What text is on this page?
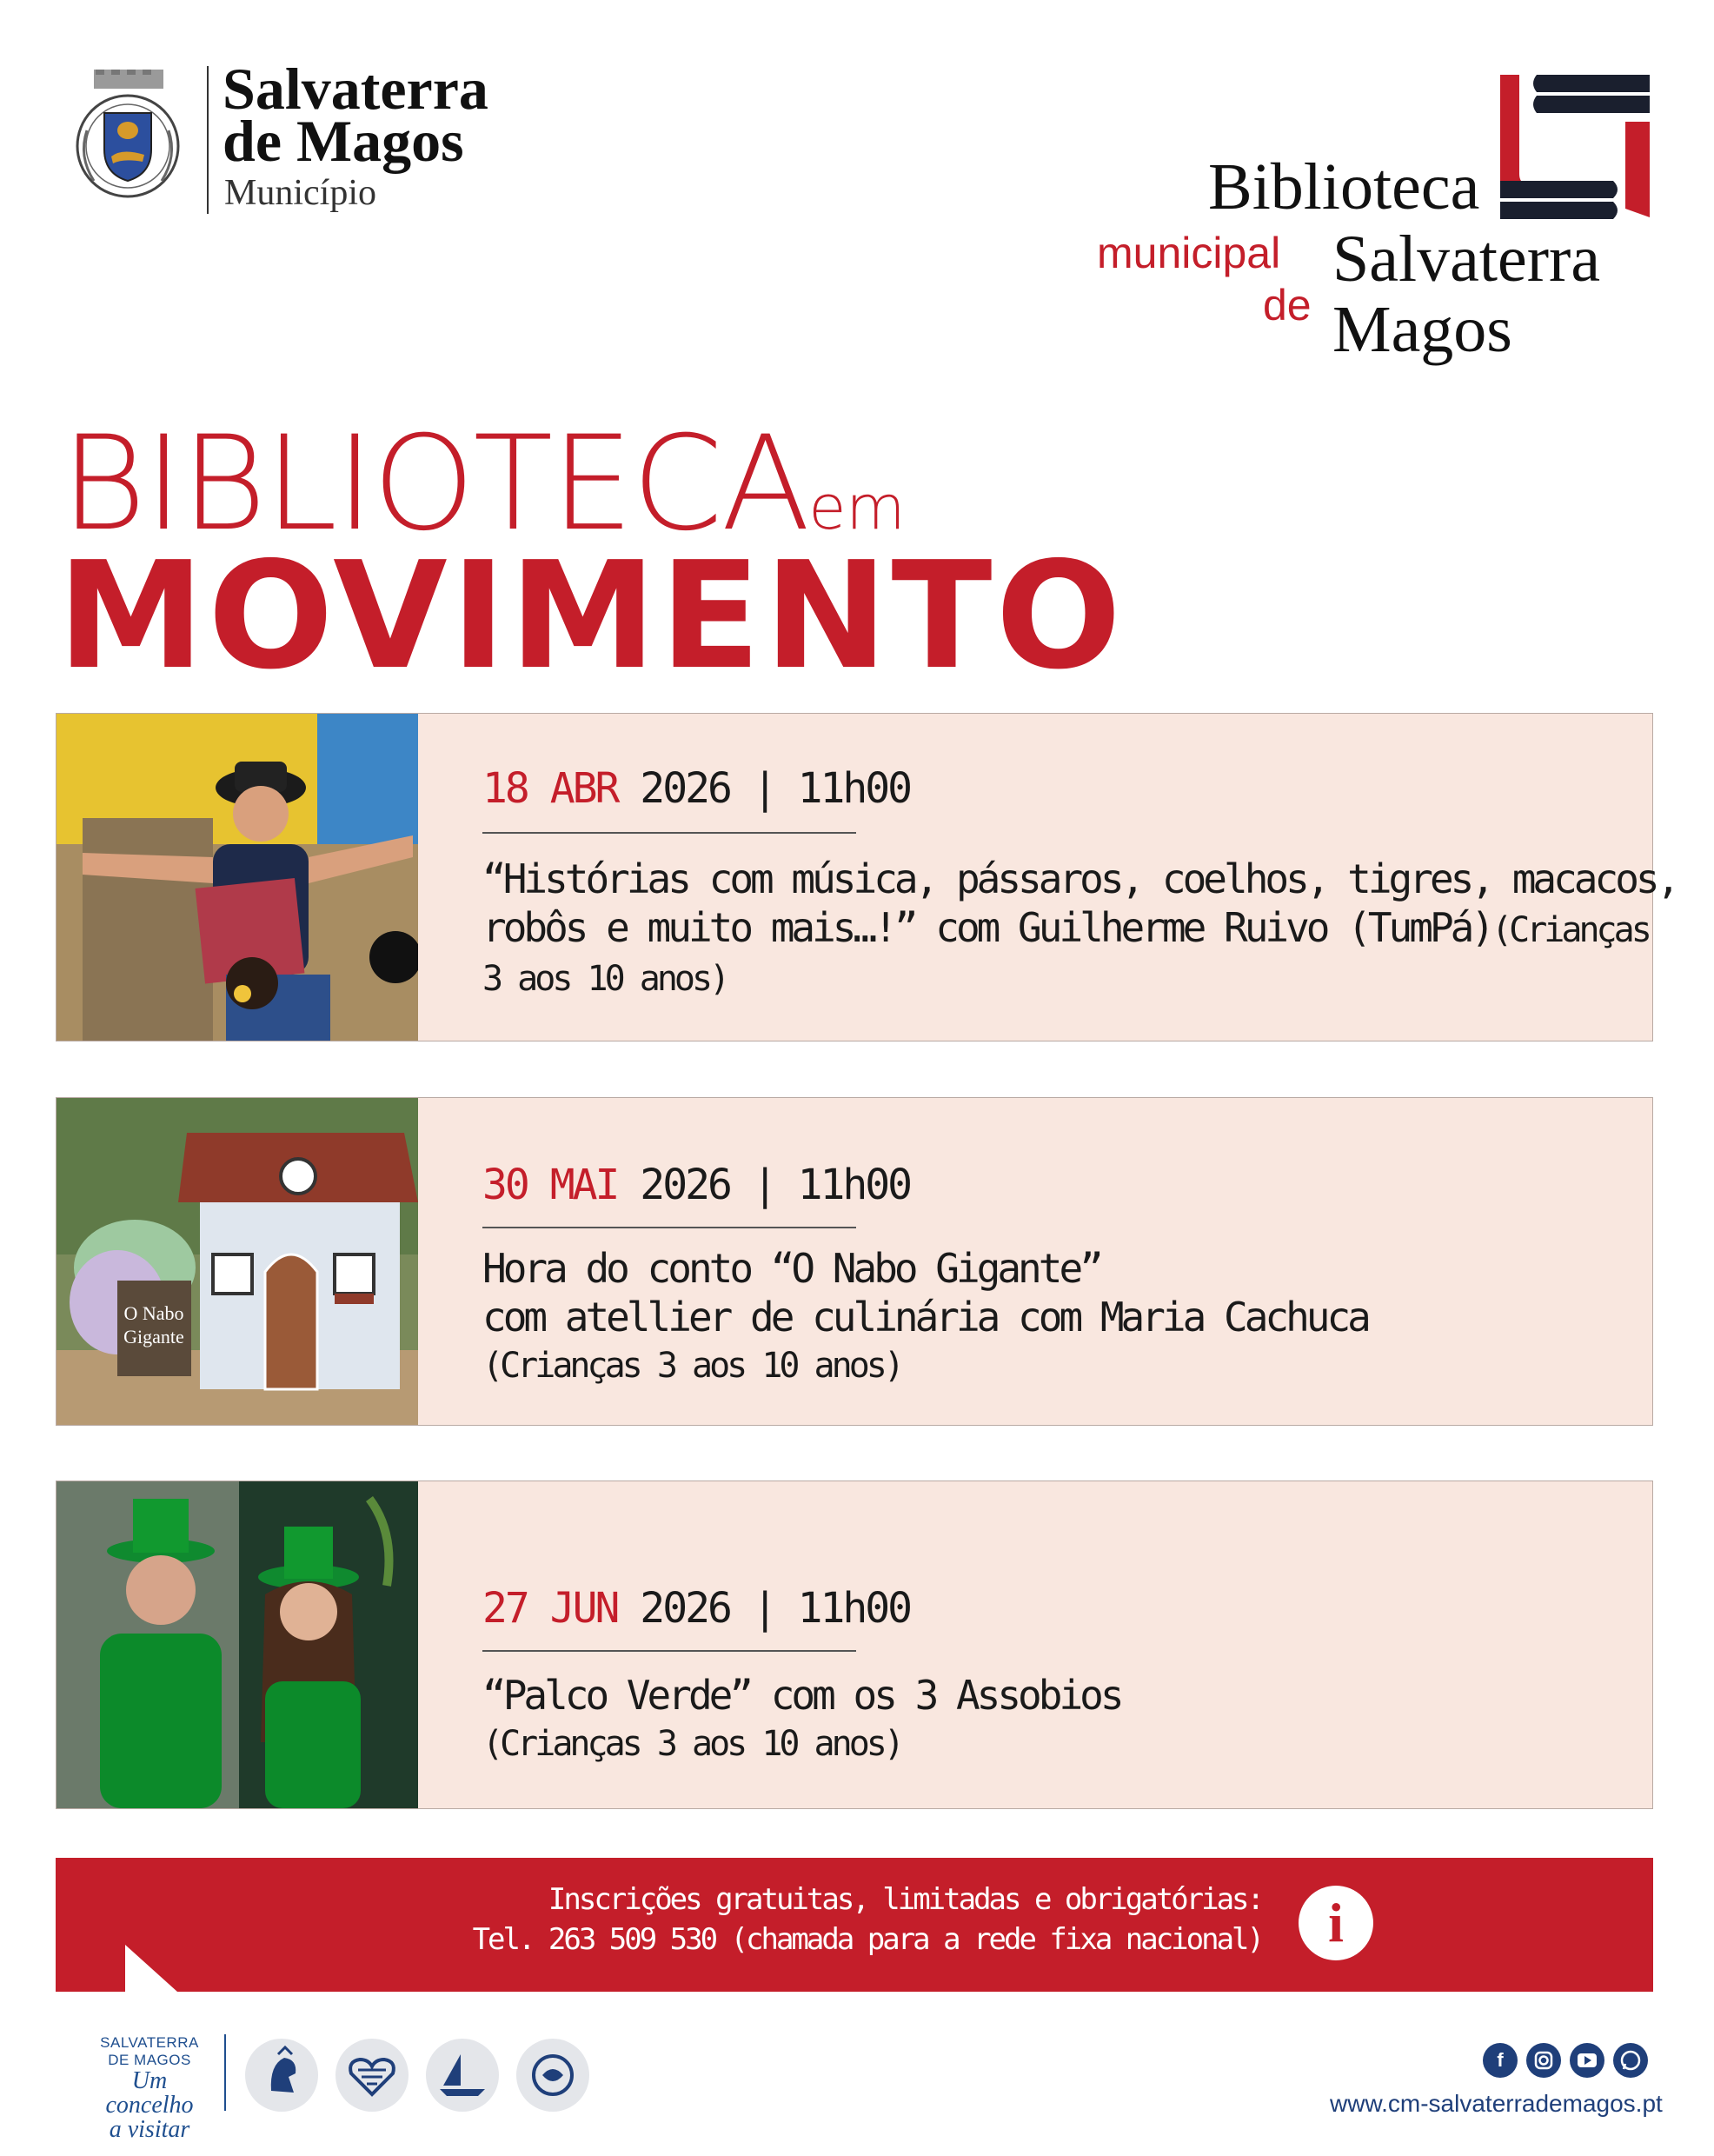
Salvaterra
de Magos
Município	Biblioteca
municipal Salvaterra
de Magos
BIBLIOTECAem
MOVIMENTO
18 ABR 2026 | 11h00
“Histórias com música, pássaros, coelhos, tigres, macacos,
robôs e muito mais…!” com Guilherme Ruivo (TumPá)(Crianças
3 aos 10 anos)
O Nabo
Gigante
30 MAI 2026 | 11h00
Hora do conto “O Nabo Gigante”
com atellier de culinária com Maria Cachuca
(Crianças 3 aos 10 anos)
27 JUN 2026 | 11h00
“Palco Verde” com os 3 Assobios
(Crianças 3 aos 10 anos)
Inscrições gratuitas, limitadas e obrigatórias:
Tel. 263 509 530 (chamada para a rede fixa nacional)	i
SALVATERRA
DE MAGOS
Um concelho
a visitar
f
www.cm-salvaterrademagos.pt
